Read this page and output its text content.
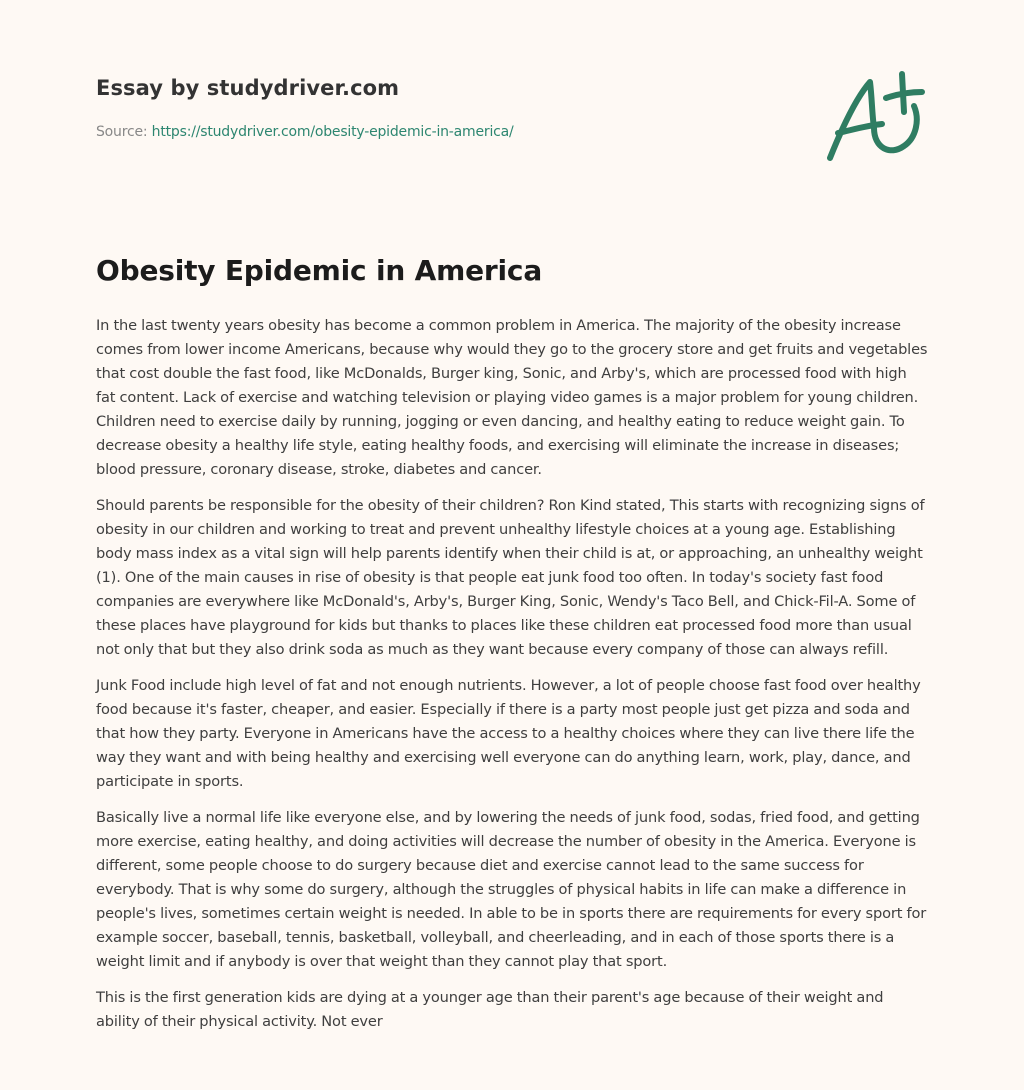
Essay by studydriver.com
Source: https://studydriver.com/obesity-epidemic-in-america/
Obesity Epidemic in America

In the last twenty years obesity has become a common problem in America. The majority of the obesity increase comes from lower income Americans, because why would they go to the grocery store and get fruits and vegetables that cost double the fast food, like McDonalds, Burger king, Sonic, and Arby's, which are processed food with high fat content. Lack of exercise and watching television or playing video games is a major problem for young children. Children need to exercise daily by running, jogging or even dancing, and healthy eating to reduce weight gain. To decrease obesity a healthy life style, eating healthy foods, and exercising will eliminate the increase in diseases; blood pressure, coronary disease, stroke, diabetes and cancer.

Should parents be responsible for the obesity of their children? Ron Kind stated, This starts with recognizing signs of obesity in our children and working to treat and prevent unhealthy lifestyle choices at a young age. Establishing body mass index as a vital sign will help parents identify when their child is at, or approaching, an unhealthy weight (1). One of the main causes in rise of obesity is that people eat junk food too often. In today's society fast food companies are everywhere like McDonald's, Arby's, Burger King, Sonic, Wendy's Taco Bell, and Chick-Fil-A. Some of these places have playground for kids but thanks to places like these children eat processed food more than usual not only that but they also drink soda as much as they want because every company of those can always refill.

Junk Food include high level of fat and not enough nutrients. However, a lot of people choose fast food over healthy food because it's faster, cheaper, and easier. Especially if there is a party most people just get pizza and soda and that how they party. Everyone in Americans have the access to a healthy choices where they can live there life the way they want and with being healthy and exercising well everyone can do anything learn, work, play, dance, and participate in sports.

Basically live a normal life like everyone else, and by lowering the needs of junk food, sodas, fried food, and getting more exercise, eating healthy, and doing activities will decrease the number of obesity in the America. Everyone is different, some people choose to do surgery because diet and exercise cannot lead to the same success for everybody. That is why some do surgery, although the struggles of physical habits in life can make a difference in people's lives, sometimes certain weight is needed. In able to be in sports there are requirements for every sport for example soccer, baseball, tennis, basketball, volleyball, and cheerleading, and in each of those sports there is a weight limit and if anybody is over that weight than they cannot play that sport.

This is the first generation kids are dying at a younger age than their parent's age because of their weight and ability of their physical activity. Not ever
